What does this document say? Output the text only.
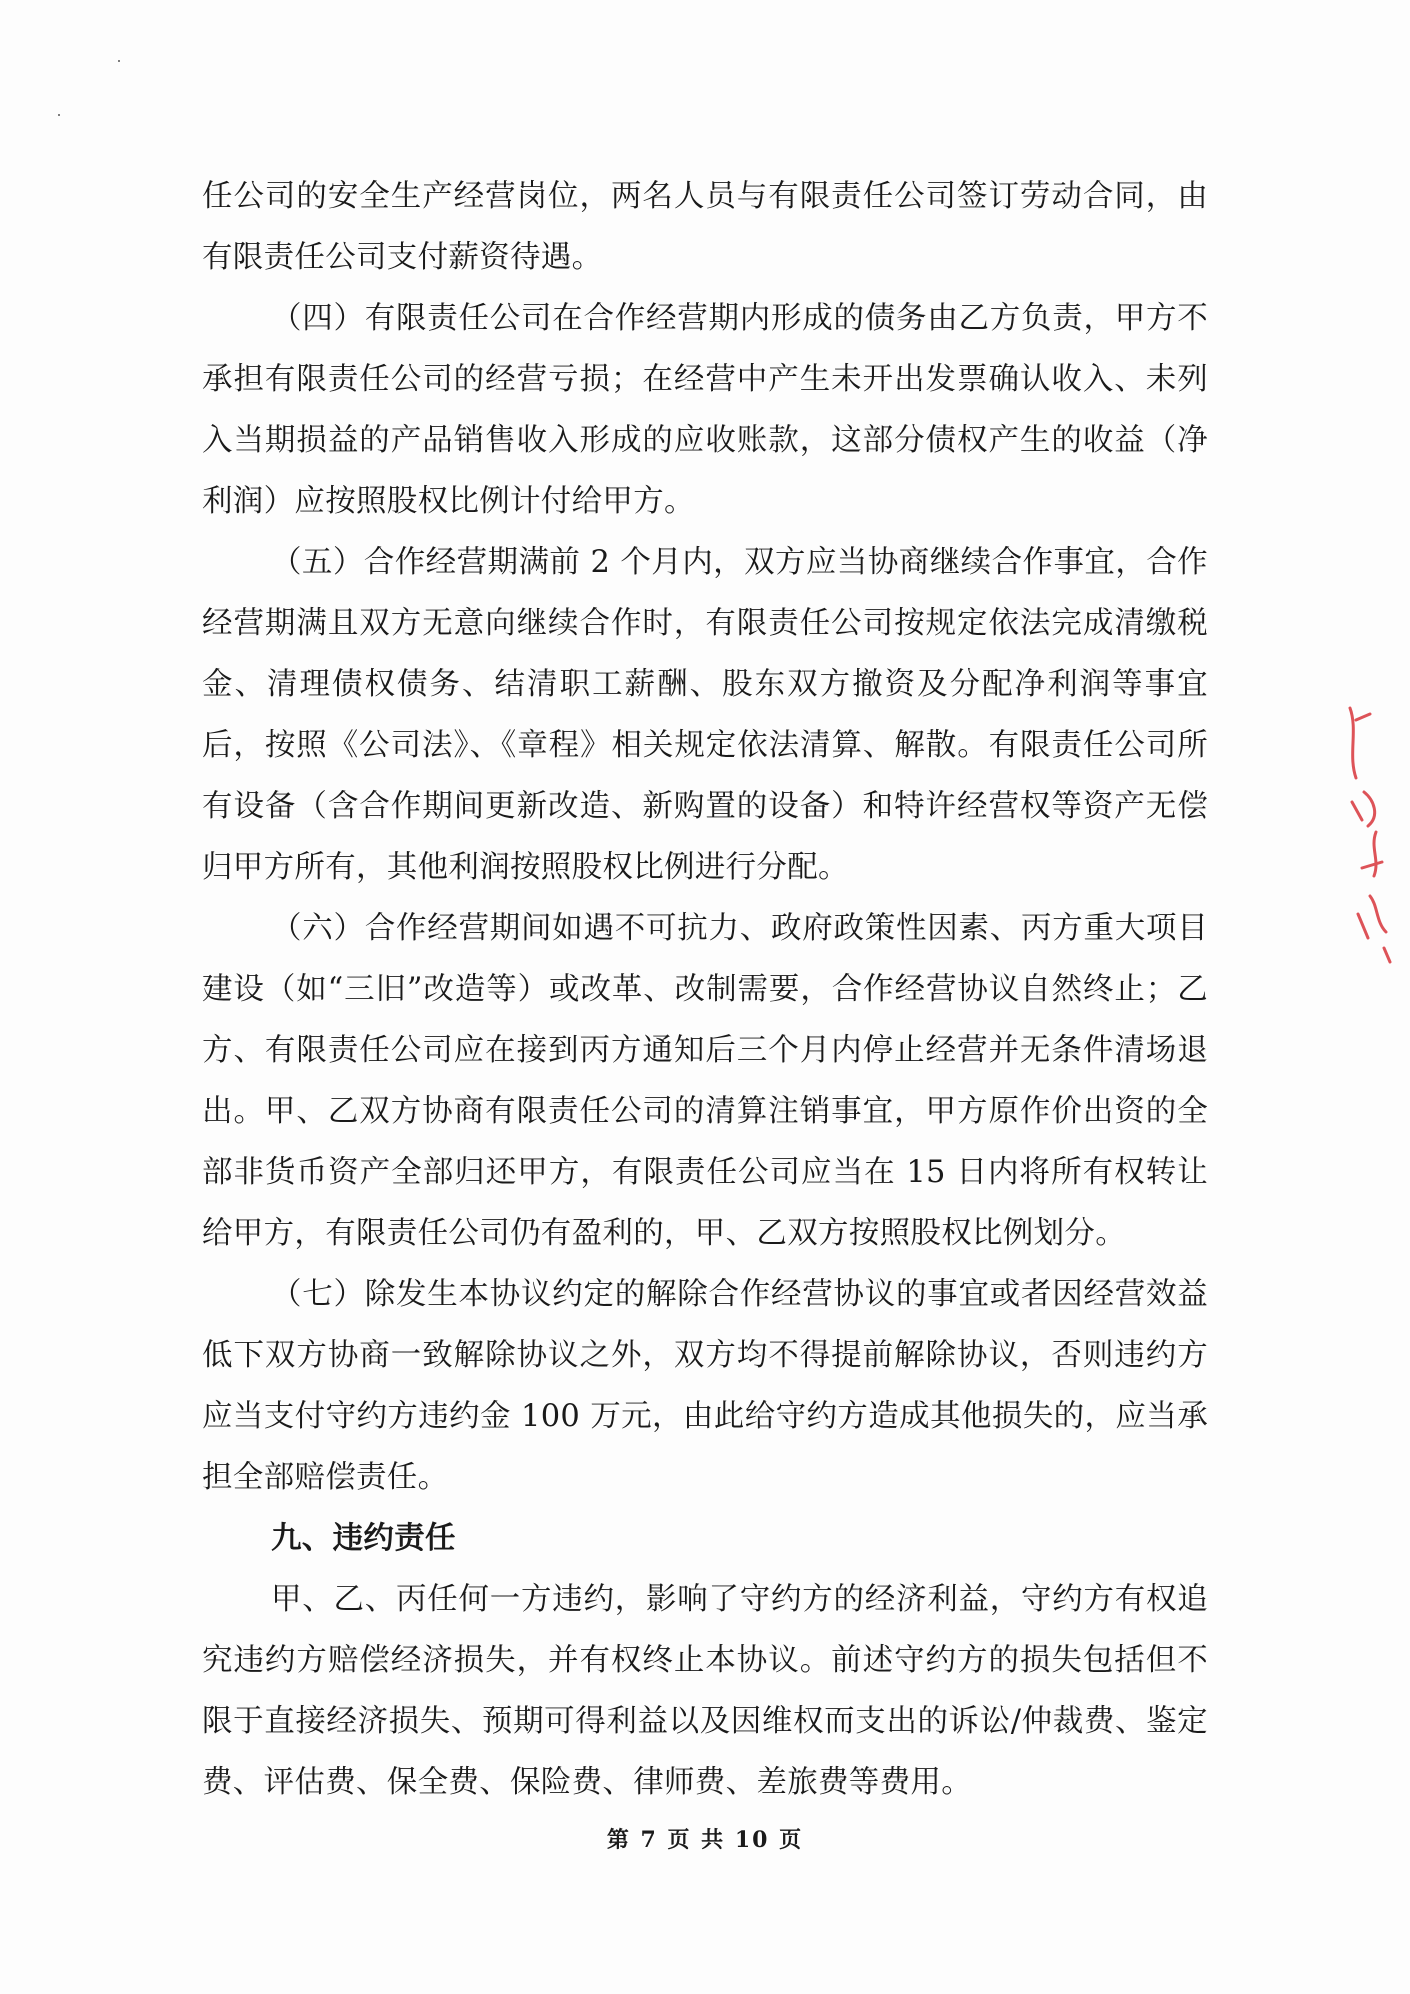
任公司的安全生产经营岗位，两名人员与有限责任公司签订劳动合同，由有限责任公司支付薪资待遇。

（四）有限责任公司在合作经营期内形成的债务由乙方负责，甲方不承担有限责任公司的经营亏损；在经营中产生未开出发票确认收入、未列入当期损益的产品销售收入形成的应收账款，这部分债权产生的收益（净利润）应按照股权比例计付给甲方。

（五）合作经营期满前 2 个月内，双方应当协商继续合作事宜，合作经营期满且双方无意向继续合作时，有限责任公司按规定依法完成清缴税金、清理债权债务、结清职工薪酬、股东双方撤资及分配净利润等事宜后，按照《公司法》、《章程》相关规定依法清算、解散。有限责任公司所有设备（含合作期间更新改造、新购置的设备）和特许经营权等资产无偿归甲方所有，其他利润按照股权比例进行分配。

（六）合作经营期间如遇不可抗力、政府政策性因素、丙方重大项目建设（如“三旧”改造等）或改革、改制需要，合作经营协议自然终止；乙方、有限责任公司应在接到丙方通知后三个月内停止经营并无条件清场退出。甲、乙双方协商有限责任公司的清算注销事宜，甲方原作价出资的全部非货币资产全部归还甲方，有限责任公司应当在 15 日内将所有权转让给甲方，有限责任公司仍有盈利的，甲、乙双方按照股权比例划分。

（七）除发生本协议约定的解除合作经营协议的事宜或者因经营效益低下双方协商一致解除协议之外，双方均不得提前解除协议，否则违约方应当支付守约方违约金 100 万元，由此给守约方造成其他损失的，应当承担全部赔偿责任。

九、违约责任

甲、乙、丙任何一方违约，影响了守约方的经济利益，守约方有权追究违约方赔偿经济损失，并有权终止本协议。前述守约方的损失包括但不限于直接经济损失、预期可得利益以及因维权而支出的诉讼/仲裁费、鉴定费、评估费、保全费、保险费、律师费、差旅费等费用。

第 7 页 共 10 页
